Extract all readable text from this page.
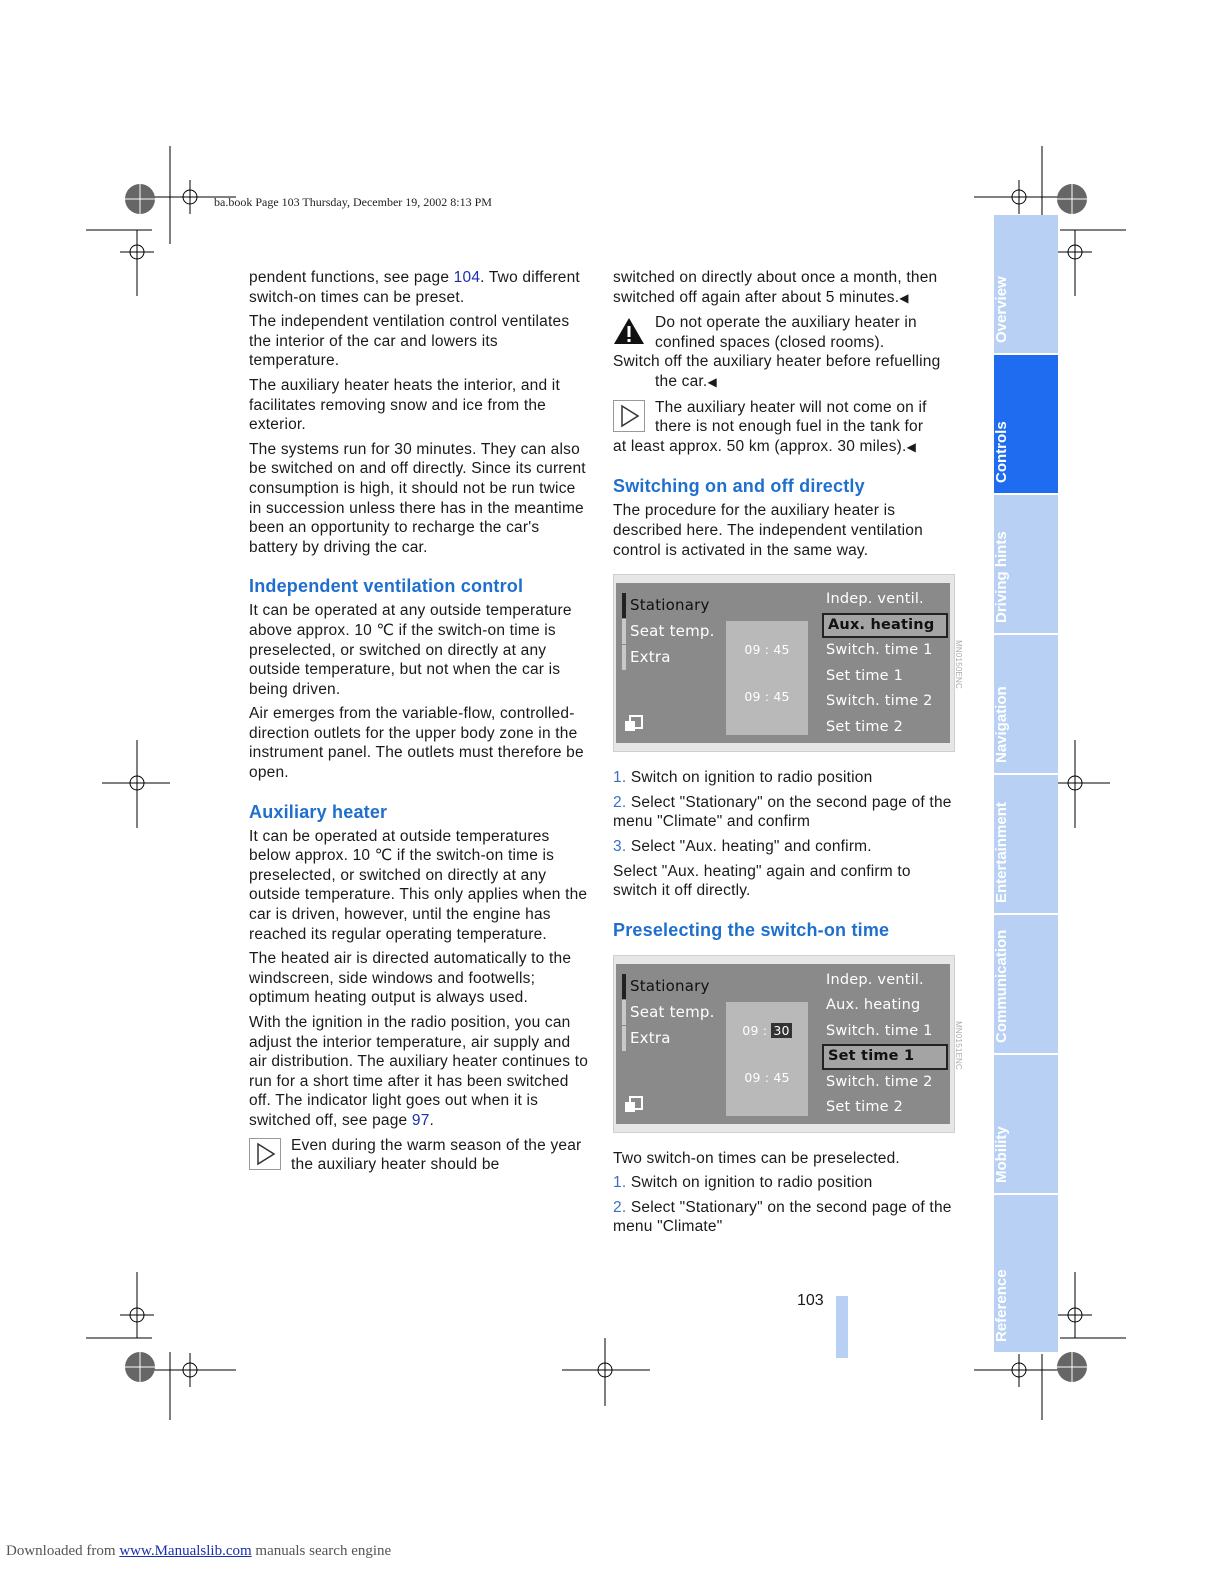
ba.book Page 103 Thursday, December 19, 2002 8:13 PM

pendent functions, see page 104. Two different switch-on times can be preset.

The independent ventilation control ventilates the interior of the car and lowers its temperature.

The auxiliary heater heats the interior, and it facilitates removing snow and ice from the exterior.

The systems run for 30 minutes. They can also be switched on and off directly. Since its current consumption is high, it should not be run twice in succession unless there has in the meantime been an opportunity to recharge the car's battery by driving the car.

Independent ventilation control

It can be operated at any outside temperature above approx. 10 ℃ if the switch-on time is preselected, or switched on directly at any outside temperature, but not when the car is being driven.

Air emerges from the variable-flow, controlled-direction outlets for the upper body zone in the instrument panel. The outlets must therefore be open.

Auxiliary heater

It can be operated at outside temperatures below approx. 10 ℃ if the switch-on time is preselected, or switched on directly at any outside temperature. This only applies when the car is driven, however, until the engine has reached its regular operating temperature.

The heated air is directed automatically to the windscreen, side windows and footwells; optimum heating output is always used.

With the ignition in the radio position, you can adjust the interior temperature, air supply and air distribution. The auxiliary heater continues to run for a short time after it has been switched off. The indicator light goes out when it is switched off, see page 97.

Even during the warm season of the year the auxiliary heater should be

switched on directly about once a month, then switched off again after about 5 minutes.◀

Do not operate the auxiliary heater in confined spaces (closed rooms).
Switch off the auxiliary heater before refuelling the car.◀

The auxiliary heater will not come on if there is not enough fuel in the tank for
at least approx. 50 km (approx. 30 miles).◀

Switching on and off directly

The procedure for the auxiliary heater is described here. The independent ventilation control is activated in the same way.

Stationary
Seat temp.
Extra	09 : 45
09 : 45
Indep. ventil.
Aux. heating
Switch. time 1
Set time 1
Switch. time 2
Set time 2
MN0150ENC
1. Switch on ignition to radio position
2. Select "Stationary" on the second page of the menu "Climate" and confirm
3. Select "Aux. heating" and confirm.

Select "Aux. heating" again and confirm to switch it off directly.

Preselecting the switch-on time
Stationary
Seat temp.
Extra	09 : 30
09 : 45
Indep. ventil.
Aux. heating
Switch. time 1
Set time 1
Switch. time 2
Set time 2
MN0151ENC

Two switch-on times can be preselected.

1. Switch on ignition to radio position
2. Select "Stationary" on the second page of the menu "Climate"
Overview
Controls
Driving hints
Navigation
Entertainment
Communication
Mobility
Reference
103
Downloaded from www.Manualslib.com manuals search engine
